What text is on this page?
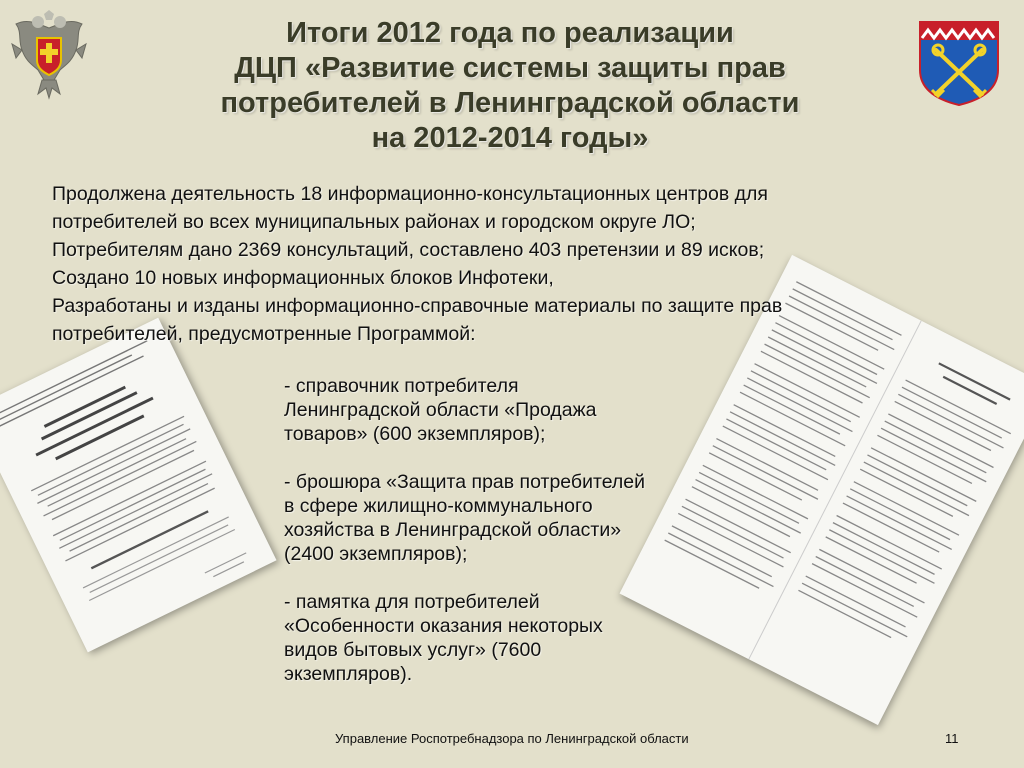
Итоги 2012 года по реализации
ДЦП «Развитие системы защиты прав
потребителей в Ленинградской области
на 2012-2014 годы»
Продолжена деятельность 18 информационно-консультационных центров для
потребителей во всех муниципальных районах и городском округе ЛО;
Потребителям дано 2369 консультаций, составлено 403 претензии и 89 исков;
Создано 10 новых информационных блоков Инфотеки,
Разработаны и изданы информационно-справочные материалы по защите прав
потребителей, предусмотренные Программой:
- справочник потребителя
Ленинградской области «Продажа
товаров» (600 экземпляров);
- брошюра «Защита прав потребителей
в сфере жилищно-коммунального
хозяйства в Ленинградской области»
(2400 экземпляров);
- памятка для потребителей
«Особенности оказания некоторых
видов бытовых услуг» (7600
экземпляров).
Управление Роспотребнадзора по Ленинградской области	11
